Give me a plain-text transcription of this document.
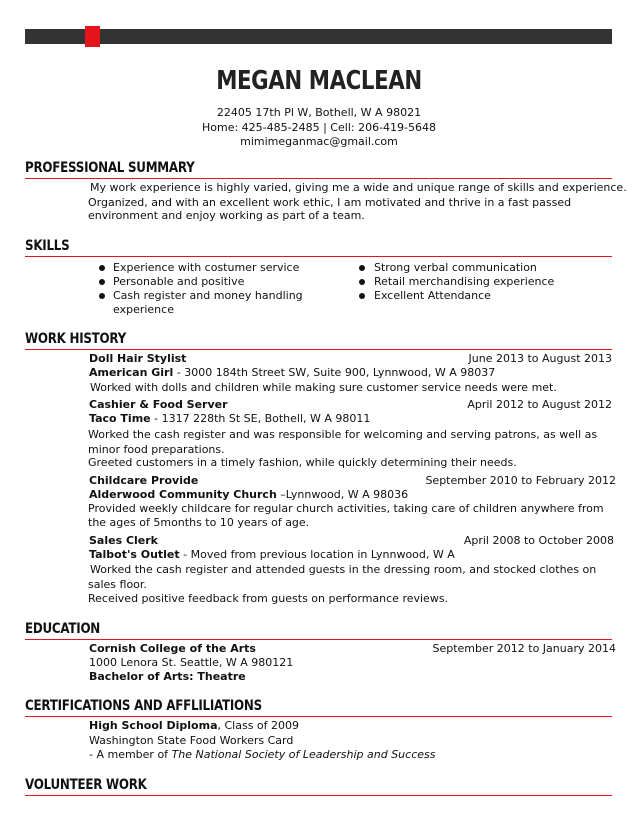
MEGAN MACLEAN
22405 17th Pl W, Bothell, W A 98021
Home: 425-485-2485 | Cell: 206-419-5648
mimimeganmac@gmail.com
PROFESSIONAL SUMMARY
My work experience is highly varied, giving me a wide and unique range of skills and experience.
Organized, and with an excellent work ethic, I am motivated and thrive in a fast passed
environment and enjoy working as part of a team.
SKILLS
Experience with costumer service
Personable and positive
Cash register and money handling
experience
Strong verbal communication
Retail merchandising experience
Excellent Attendance
WORK HISTORY
Doll Hair Stylist	June 2013 to August 2013
American Girl - 3000 184th Street SW, Suite 900, Lynnwood, W A 98037
Worked with dolls and children while making sure customer service needs were met.
Cashier & Food Server	April 2012 to August 2012
Taco Time - 1317 228th St SE, Bothell, W A 98011
Worked the cash register and was responsible for welcoming and serving patrons, as well as
minor food preparations.
Greeted customers in a timely fashion, while quickly determining their needs.
Childcare Provide	September 2010 to February 2012
Alderwood Community Church –Lynnwood, W A 98036
Provided weekly childcare for regular church activities, taking care of children anywhere from
the ages of 5months to 10 years of age.
Sales Clerk	April 2008 to October 2008
Talbot's Outlet - Moved from previous location in Lynnwood, W A
Worked the cash register and attended guests in the dressing room, and stocked clothes on
sales floor.
Received positive feedback from guests on performance reviews.
EDUCATION
Cornish College of the Arts	September 2012 to January 2014
1000 Lenora St. Seattle, W A 980121
Bachelor of Arts: Theatre
CERTIFICATIONS AND AFFLILIATIONS
High School Diploma, Class of 2009
Washington State Food Workers Card
- A member of The National Society of Leadership and Success
VOLUNTEER WORK
